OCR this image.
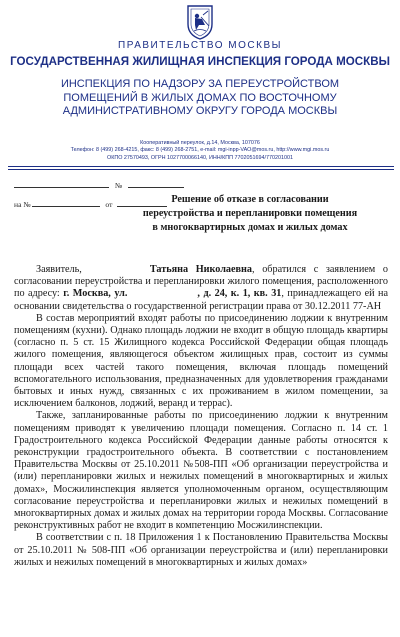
ПРАВИТЕЛЬСТВО МОСКВЫ
ГОСУДАРСТВЕННАЯ ЖИЛИЩНАЯ ИНСПЕКЦИЯ ГОРОДА МОСКВЫ
ИНСПЕКЦИЯ ПО НАДЗОРУ ЗА ПЕРЕУСТРОЙСТВОМ ПОМЕЩЕНИЙ В ЖИЛЫХ ДОМАХ ПО ВОСТОЧНОМУ АДМИНИСТРАТИВНОМУ ОКРУГУ ГОРОДА МОСКВЫ
Кооперативный переулок, д.14, Москва, 107076
Телефон: 8 (499) 268-4215, факс: 8 (499) 268-2751, e-mail: mgi-inpp-VAO@mos.ru, http://www.mgi.mos.ru
ОКПО 27570493, ОГРН 1027700066140, ИНН/КПП 7702051694/770201001
№
на №	от	Решение об отказе в согласовании
переустройства и перепланировки помещения
в многоквартирных домах и жилых домах

Заявитель,	Татьяна Николаевна, обратился с заявлением о согласовании переустройства и перепланировки жилого помещения, расположенного по адресу: г. Москва, ул.	, д. 24, к. 1, кв. 31, принадлежащего ей на основании свидетельства о государственной регистрации права от 30.12.2011 77-АН

В состав мероприятий входят работы по присоединению лоджии к внутренним помещениям (кухни). Однако площадь лоджии не входит в общую площадь квартиры (согласно п. 5 ст. 15 Жилищного кодекса Российской Федерации общая площадь жилого помещения, являющегося объектом жилищных прав, состоит из суммы площади всех частей такого помещения, включая площадь помещений вспомогательного использования, предназначенных для удовлетворения гражданами бытовых и иных нужд, связанных с их проживанием в жилом помещении, за исключением балконов, лоджий, веранд и террас).

Также, запланированные работы по присоединению лоджии к внутренним помещениям приводят к увеличению площади помещения. Согласно п. 14 ст. 1 Градостроительного кодекса Российской Федерации данные работы относятся к реконструкции градостроительного объекта. В соответствии с постановлением Правительства Москвы от 25.10.2011 №508-ПП «Об организации переустройства и (или) перепланировки жилых и нежилых помещений в многоквартирных и жилых домах», Мосжилинспекция является уполномоченным органом, осуществляющим согласование переустройства и перепланировки жилых и нежилых помещений в многоквартирных домах и жилых домах на территории города Москвы. Согласование реконструктивных работ не входит в компетенцию Мосжилинспекции.

В соответствии с п. 18 Приложения 1 к Постановлению Правительства Москвы от 25.10.2011 № 508-ПП «Об организации переустройства и (или) перепланировки жилых и нежилых помещений в многоквартирных и жилых домах»
